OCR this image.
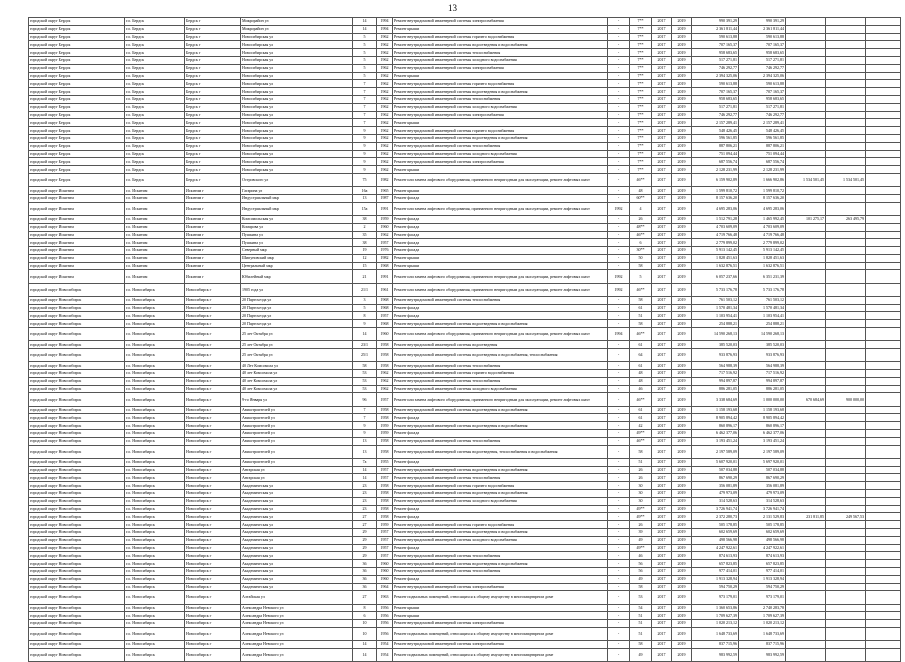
13
городской округ Бердск	г.о. Бердск	Бердск г	Микрорайон ул	14	1994	Ремонт внутридомовой инженерной системы электроснабжения	-	7**	2017	2019	990 391,29	990 391,29			
городской округ Бердск	г.о. Бердск	Бердск г	Микрорайон ул	14	1994	Ремонт крыши	-	7**	2017	2019	2 361 811,44	2 361 811,44			
городской округ Бердск	г.о. Бердск	Бердск г	Новосибирская ул	5	1962	Ремонт внутридомовой инженерной системы горячего водоснабжения	-	7**	2017	2019	590 613,88	590 613,88			
городской округ Бердск	г.о. Бердск	Бердск г	Новосибирская ул	5	1962	Ремонт внутридомовой инженерной системы водоотведения и водоснабжения	-	7**	2017	2019	707 165,37	707 165,37			
городской округ Бердск	г.о. Бердск	Бердск г	Новосибирская ул	5	1962	Ремонт внутридомовой инженерной системы теплоснабжения	-	7**	2017	2019	958 683,65	958 683,65			
городской округ Бердск	г.о. Бердск	Бердск г	Новосибирская ул	5	1962	Ремонт внутридомовой инженерной системы холодного водоснабжения	-	7**	2017	2019	517 271,81	517 271,81			
городской округ Бердск	г.о. Бердск	Бердск г	Новосибирская ул	5	1962	Ремонт внутридомовой инженерной системы электроснабжения	-	7**	2017	2019	746 292,77	746 292,77			
городской округ Бердск	г.о. Бердск	Бердск г	Новосибирская ул	5	1962	Ремонт крыши	-	7**	2017	2019	2 394 325,06	2 394 325,06			
городской округ Бердск	г.о. Бердск	Бердск г	Новосибирская ул	7	1962	Ремонт внутридомовой инженерной системы горячего водоснабжения	-	7**	2017	2019	590 613,88	590 613,88			
городской округ Бердск	г.о. Бердск	Бердск г	Новосибирская ул	7	1962	Ремонт внутридомовой инженерной системы водоотведения и водоснабжения	-	7**	2017	2019	707 165,37	707 165,37			
городской округ Бердск	г.о. Бердск	Бердск г	Новосибирская ул	7	1962	Ремонт внутридомовой инженерной системы теплоснабжения	-	7**	2017	2019	958 683,65	958 683,65			
городской округ Бердск	г.о. Бердск	Бердск г	Новосибирская ул	7	1962	Ремонт внутридомовой инженерной системы холодного водоснабжения	-	7**	2017	2019	517 271,81	517 271,81			
городской округ Бердск	г.о. Бердск	Бердск г	Новосибирская ул	7	1962	Ремонт внутридомовой инженерной системы электроснабжения	-	7**	2017	2019	746 292,77	746 292,77			
городской округ Бердск	г.о. Бердск	Бердск г	Новосибирская ул	7	1962	Ремонт крыши	-	7**	2017	2019	2 157 289,41	2 157 289,41			
городской округ Бердск	г.о. Бердск	Бердск г	Новосибирская ул	9	1962	Ремонт внутридомовой инженерной системы горячего водоснабжения	-	7**	2017	2019	548 426,45	548 426,45			
городской округ Бердск	г.о. Бердск	Бердск г	Новосибирская ул	9	1962	Ремонт внутридомовой инженерной системы водоотведения и водоснабжения	-	7**	2017	2019	596 561,85	596 561,85			
городской округ Бердск	г.о. Бердск	Бердск г	Новосибирская ул	9	1962	Ремонт внутридомовой инженерной системы теплоснабжения	-	7**	2017	2019	887 806,21	887 806,21			
городской округ Бердск	г.о. Бердск	Бердск г	Новосибирская ул	9	1962	Ремонт внутридомовой инженерной системы холодного водоснабжения	-	7**	2017	2019	751 094,44	751 094,44			
городской округ Бердск	г.о. Бердск	Бердск г	Новосибирская ул	9	1962	Ремонт внутридомовой инженерной системы электроснабжения	-	7**	2017	2019	687 556,74	687 556,74			
городской округ Бердск	г.о. Бердск	Бердск г	Новосибирская ул	9	1962	Ремонт крыши	-	7**	2017	2019	2 128 231,99	2 128 231,99			
городской округ Бердск	г.о. Бердск	Бердск г	Островского ул	75	1982	Ремонт или замена лифтового оборудования, признанного непригодным для эксплуатации, ремонт лифтовых шахт	-	46**	2017	2019	6 159 902,89	1 666 902,86	1 534 501,45	1 534 501,45	
городской округ Искитим	г.о. Искитим	Искитим г	Гагарина ул	16а	1965	Ремонт крыши	-	48	2017	2019	1 599 810,72	1 599 810,72			
городской округ Искитим	г.о. Искитим	Искитим г	Индустриальный мкр	13	1987	Ремонт фасада	-	60**	2017	2019	8 157 636,20	8 157 636,20			
городской округ Искитим	г.о. Искитим	Искитим г	Индустриальный мкр	15а	1991	Ремонт или замена лифтового оборудования, признанного непригодным для эксплуатации, ремонт лифтовых шахт	1992	4	2017	2019	4 695 283,06	4 695 283,06			
городской округ Искитим	г.о. Искитим	Искитим г	Комсомольская ул	38	1959	Ремонт фасада	-	26	2017	2019	1 512 791,28	1 465 992,45	101 275,17	263 495,79	
городской округ Искитим	г.о. Искитим	Искитим г	Комарова ул	2	1960	Ремонт фасада	-	48**	2017	2019	4 703 609,09	4 703 609,09			
городской округ Искитим	г.о. Искитим	Искитим г	Пушкина ул	35	1962	Ремонт фасада	-	46**	2017	2019	4 719 766,48	4 719 766,48			
городской округ Искитим	г.о. Искитим	Искитим г	Пушкина ул	38	1957	Ремонт фасада	-	6	2017	2019	2 779 899,02	2 779 899,02			
городской округ Искитим	г.о. Искитим	Искитим г	Северный мкр	19	1976	Ремонт фасада	-	30**	2017	2019	5 913 142,45	5 913 142,45			
городской округ Искитим	г.о. Искитим	Искитим г	Шипуновский мкр	12	1982	Ремонт крыши	-	50	2017	2019	1 828 451,63	1 828 451,63			
городской округ Искитим	г.о. Искитим	Искитим г	Центральный мкр	15	1968	Ремонт крыши	-	58	2017	2019	1 632 876,51	1 632 876,51			
городской округ Искитим	г.о. Искитим	Искитим г	Юбилейный мкр	21	1991	Ремонт или замена лифтового оборудования, признанного непригодным для эксплуатации, ремонт лифтовых шахт	1992	5	2017	2019	6 057 237,66	6 351 231,39			
городской округ Новосибирск	г.о. Новосибирск	Новосибирск г	1905 года ул	21/1	1961	Ремонт или замена лифтового оборудования, признанного непригодным для эксплуатации, ремонт лифтовых шахт	1992	46**	2017	2019	5 733 176,78	5 733 176,78			
городской округ Новосибирск	г.о. Новосибирск	Новосибирск г	20 Партсъезда ул	3	1968	Ремонт внутридомовой инженерной системы теплоснабжения	-	58	2017	2019	761 503,12	761 503,12			
городской округ Новосибирск	г.о. Новосибирск	Новосибирск г	20 Партсъезда ул	5	1968	Ремонт фасада	-	61	2017	2019	1 570 481,34	1 570 481,34			
городской округ Новосибирск	г.о. Новосибирск	Новосибирск г	20 Партсъезда ул	8	1957	Ремонт фасада	-	51	2017	2019	1 103 954,41	1 103 954,41			
городской округ Новосибирск	г.о. Новосибирск	Новосибирск г	20 Партсъезда ул	9	1968	Ремонт внутридомовой инженерной системы водоотведения и водоснабжения	-	58	2017	2019	254 888,21	254 888,21			
городской округ Новосибирск	г.о. Новосибирск	Новосибирск г	25 лет Октября ул	14	1960	Ремонт или замена лифтового оборудования, признанного непригодным для эксплуатации, ремонт лифтовых шахт	1994	46**	2017	2019	14 590 268,13	14 590 268,13			
городской округ Новосибирск	г.о. Новосибирск	Новосибирск г	25 лет Октября ул	23/1	1958	Ремонт внутридомовой инженерной системы водоотведения	-	61	2017	2019	385 520,03	385 520,03			
городской округ Новосибирск	г.о. Новосибирск	Новосибирск г	25 лет Октября ул	25/1	1958	Ремонт внутридомовой инженерной системы водоотведения и водоснабжения, теплоснабжения	-	64	2017	2019	933 876,93	933 876,93			
городской округ Новосибирск	г.о. Новосибирск	Новосибирск г	40 Лет Комсомола ул	58	1958	Ремонт внутридомовой инженерной системы теплоснабжения	-	61	2017	2019	564 988,39	564 988,39			
городской округ Новосибирск	г.о. Новосибирск	Новосибирск г	40 лет Комсомола ул	53	1962	Ремонт внутридомовой инженерной системы горячего водоснабжения	-	48	2017	2019	717 516,92	717 516,92			
городской округ Новосибирск	г.о. Новосибирск	Новосибирск г	40 лет Комсомола ул	53	1962	Ремонт внутридомовой инженерной системы теплоснабжения	-	48	2017	2019	994 897,87	994 897,87			
городской округ Новосибирск	г.о. Новосибирск	Новосибирск г	40 лет Комсомола ул	53	1962	Ремонт внутридомовой инженерной системы холодного водоснабжения	-	46	2017	2019	886 281,05	886 281,05			
городской округ Новосибирск	г.о. Новосибирск	Новосибирск г	9-го Января ул	96	1957	Ремонт или замена лифтового оборудования, признанного непригодным для эксплуатации, ремонт лифтовых шахт	-	46**	2017	2019	3 338 684,69	1 000 000,00	670 684,69	900 000,00	
городской округ Новосибирск	г.о. Новосибирск	Новосибирск г	Авиастроителей ул	7	1958	Ремонт внутридомовой инженерной системы водоотведения и водоснабжения	-	61	2017	2019	1 158 193,68	1 158 193,68			
городской округ Новосибирск	г.о. Новосибирск	Новосибирск г	Авиастроителей ул	7	1958	Ремонт фасада	-	61	2017	2019	8 905 894,42	8 905 894,42			
городской округ Новосибирск	г.о. Новосибирск	Новосибирск г	Авиастроителей ул	9	1959	Ремонт внутридомовой инженерной системы водоотведения и водоснабжения	-	42	2017	2019	860 896,17	860 896,17			
городской округ Новосибирск	г.о. Новосибирск	Новосибирск г	Авиастроителей ул	9	1959	Ремонт фасада	-	49**	2017	2019	6 462 377,06	6 462 377,06			
городской округ Новосибирск	г.о. Новосибирск	Новосибирск г	Авиастроителей ул	13	1958	Ремонт внутридомовой инженерной системы теплоснабжения	-	46**	2017	2019	3 193 451,24	3 193 451,24			
городской округ Новосибирск	г.о. Новосибирск	Новосибирск г	Авиастроителей ул	13	1958	Ремонт внутридомовой инженерной системы водоотведения, теплоснабжения и водоснабжения	-	58	2017	2019	2 197 589,09	2 197 589,09			
городской округ Новосибирск	г.о. Новосибирск	Новосибирск г	Авиастроителей ул	7а	1955	Ремонт фасада	-	51	2017	2019	5 607 920,01	5 697 920,01			
городской округ Новосибирск	г.о. Новосибирск	Новосибирск г	Ангарская ул	14	1957	Ремонт внутридомовой инженерной системы водоотведения и водоснабжения	-	26	2017	2019	507 034,88	507 034,88			
городской округ Новосибирск	г.о. Новосибирск	Новосибирск г	Ангарская ул	14	1957	Ремонт внутридомовой инженерной системы теплоснабжения	-	26	2017	2019	867 690,29	867 690,29			
городской округ Новосибирск	г.о. Новосибирск	Новосибирск г	Академическая ул	23	1958	Ремонт внутридомовой инженерной системы горячего водоснабжения	-	30	2017	2019	356 081,89	356 081,89			
городской округ Новосибирск	г.о. Новосибирск	Новосибирск г	Академическая ул	23	1958	Ремонт внутридомовой инженерной системы водоотведения и водоснабжения	-	30	2017	2019	479 973,09	479 973,09			
городской округ Новосибирск	г.о. Новосибирск	Новосибирск г	Академическая ул	23	1958	Ремонт внутридомовой инженерной системы холодного водоснабжения	-	30	2017	2019	314 528,63	314 528,63			
городской округ Новосибирск	г.о. Новосибирск	Новосибирск г	Академическая ул	23	1958	Ремонт фасада	-	49**	2017	2019	3 726 941,74	3 726 941,74			
городской округ Новосибирск	г.о. Новосибирск	Новосибирск г	Академическая ул	27	1958	Ремонт фасада	-	49**	2017	2019	2 372 280,73	2 131 529,83	231 811,85	249 567,53	
городской округ Новосибирск	г.о. Новосибирск	Новосибирск г	Академическая ул	27	1959	Ремонт внутридомовой инженерной системы горячего водоснабжения	-	26	2017	2019	505 178,85	505 178,85			
городской округ Новосибирск	г.о. Новосибирск	Новосибирск г	Академическая ул	29	1957	Ремонт внутридомовой инженерной системы водоотведения и водоснабжения	-	39	2017	2019	602 659,69	602 659,69			
городской округ Новосибирск	г.о. Новосибирск	Новосибирск г	Академическая ул	29	1957	Ремонт внутридомовой инженерной системы холодного водоснабжения	-	49	2017	2019	498 566,98	498 566,98			
городской округ Новосибирск	г.о. Новосибирск	Новосибирск г	Академическая ул	29	1957	Ремонт фасада	-	49**	2017	2019	4 247 922,61	4 247 922,61			
городской округ Новосибирск	г.о. Новосибирск	Новосибирск г	Академическая ул	29	1957	Ремонт внутридомовой инженерной системы теплоснабжения	-	46	2017	2019	874 613,93	874 613,93			
городской округ Новосибирск	г.о. Новосибирск	Новосибирск г	Академическая ул	36	1960	Ремонт внутридомовой инженерной системы водоотведения и водоснабжения	-	56	2017	2019	657 823,85	657 823,85			
городской округ Новосибирск	г.о. Новосибирск	Новосибирск г	Академическая ул	36	1960	Ремонт внутридомовой инженерной системы теплоснабжения	-	56	2017	2019	977 414,01	977 414,01			
городской округ Новосибирск	г.о. Новосибирск	Новосибирск г	Академическая ул	36	1960	Ремонт фасада	-	49	2017	2019	1 913 328,94	1 913 328,94			
городской округ Новосибирск	г.о. Новосибирск	Новосибирск г	Академическая ул	36	1964	Ремонт внутридомовой инженерной системы электроснабжения	-	58	2017	2019	594 750,29	594 750,29			
городской округ Новосибирск	г.о. Новосибирск	Новосибирск г	Алтайская ул	27	1963	Ремонт подвальных помещений, относящихся к общему имуществу в многоквартирном доме	-	53	2017	2019	973 179,01	973 179,01			
городской округ Новосибирск	г.о. Новосибирск	Новосибирск г	Александра Невского ул	8	1956	Ремонт крыши	-	54	2017	2019	1 360 653,86	2 740 283,78			
городской округ Новосибирск	г.о. Новосибирск	Новосибирск г	Александра Невского ул	6	1956	Ремонт крыши	-	51	2017	2019	1 709 627,39	1 709 627,39			
городской округ Новосибирск	г.о. Новосибирск	Новосибирск г	Александра Невского ул	10	1956	Ремонт внутридомовой инженерной системы электроснабжения	-	51	2017	2019	1 020 213,12	1 020 213,12			
городской округ Новосибирск	г.о. Новосибирск	Новосибирск г	Александра Невского ул	10	1956	Ремонт подвальных помещений, относящихся к общему имуществу в многоквартирном доме	-	51	2017	2019	1 648 733,69	1 648 733,69			
городской округ Новосибирск	г.о. Новосибирск	Новосибирск г	Александра Невского ул	14	1954	Ремонт внутридомовой инженерной системы электроснабжения	-	58	2017	2019	837 715,96	837 715,96			
городской округ Новосибирск	г.о. Новосибирск	Новосибирск г	Александра Невского ул	14	1954	Ремонт подвальных помещений, относящихся к общему имуществу в многоквартирном доме	-	49	2017	2019	983 992,59	983 992,59			
